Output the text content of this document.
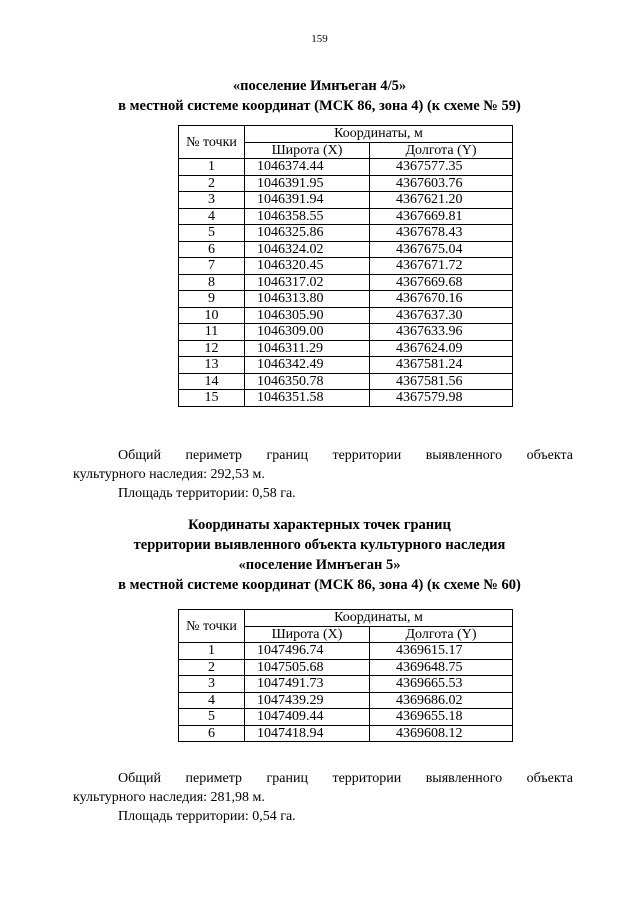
159
«поселение Имнъеган 4/5»
в местной системе координат (МСК 86, зона 4) (к схеме № 59)
№ точки	Координаты, м	
	Широта (X)	Долгота (Y)
1	1046374.44	4367577.35
2	1046391.95	4367603.76
3	1046391.94	4367621.20
4	1046358.55	4367669.81
5	1046325.86	4367678.43
6	1046324.02	4367675.04
7	1046320.45	4367671.72
8	1046317.02	4367669.68
9	1046313.80	4367670.16
10	1046305.90	4367637.30
11	1046309.00	4367633.96
12	1046311.29	4367624.09
13	1046342.49	4367581.24
14	1046350.78	4367581.56
15	1046351.58	4367579.98
Общий периметр границ территории выявленного объекта
культурного наследия: 292,53 м.
Площадь территории: 0,58 га.
Координаты характерных точек границ
территории выявленного объекта культурного наследия
«поселение Имнъеган 5»
в местной системе координат (МСК 86, зона 4) (к схеме № 60)
№ точки	Координаты, м	
	Широта (X)	Долгота (Y)
1	1047496.74	4369615.17
2	1047505.68	4369648.75
3	1047491.73	4369665.53
4	1047439.29	4369686.02
5	1047409.44	4369655.18
6	1047418.94	4369608.12
Общий периметр границ территории выявленного объекта
культурного наследия: 281,98 м.
Площадь территории: 0,54 га.
